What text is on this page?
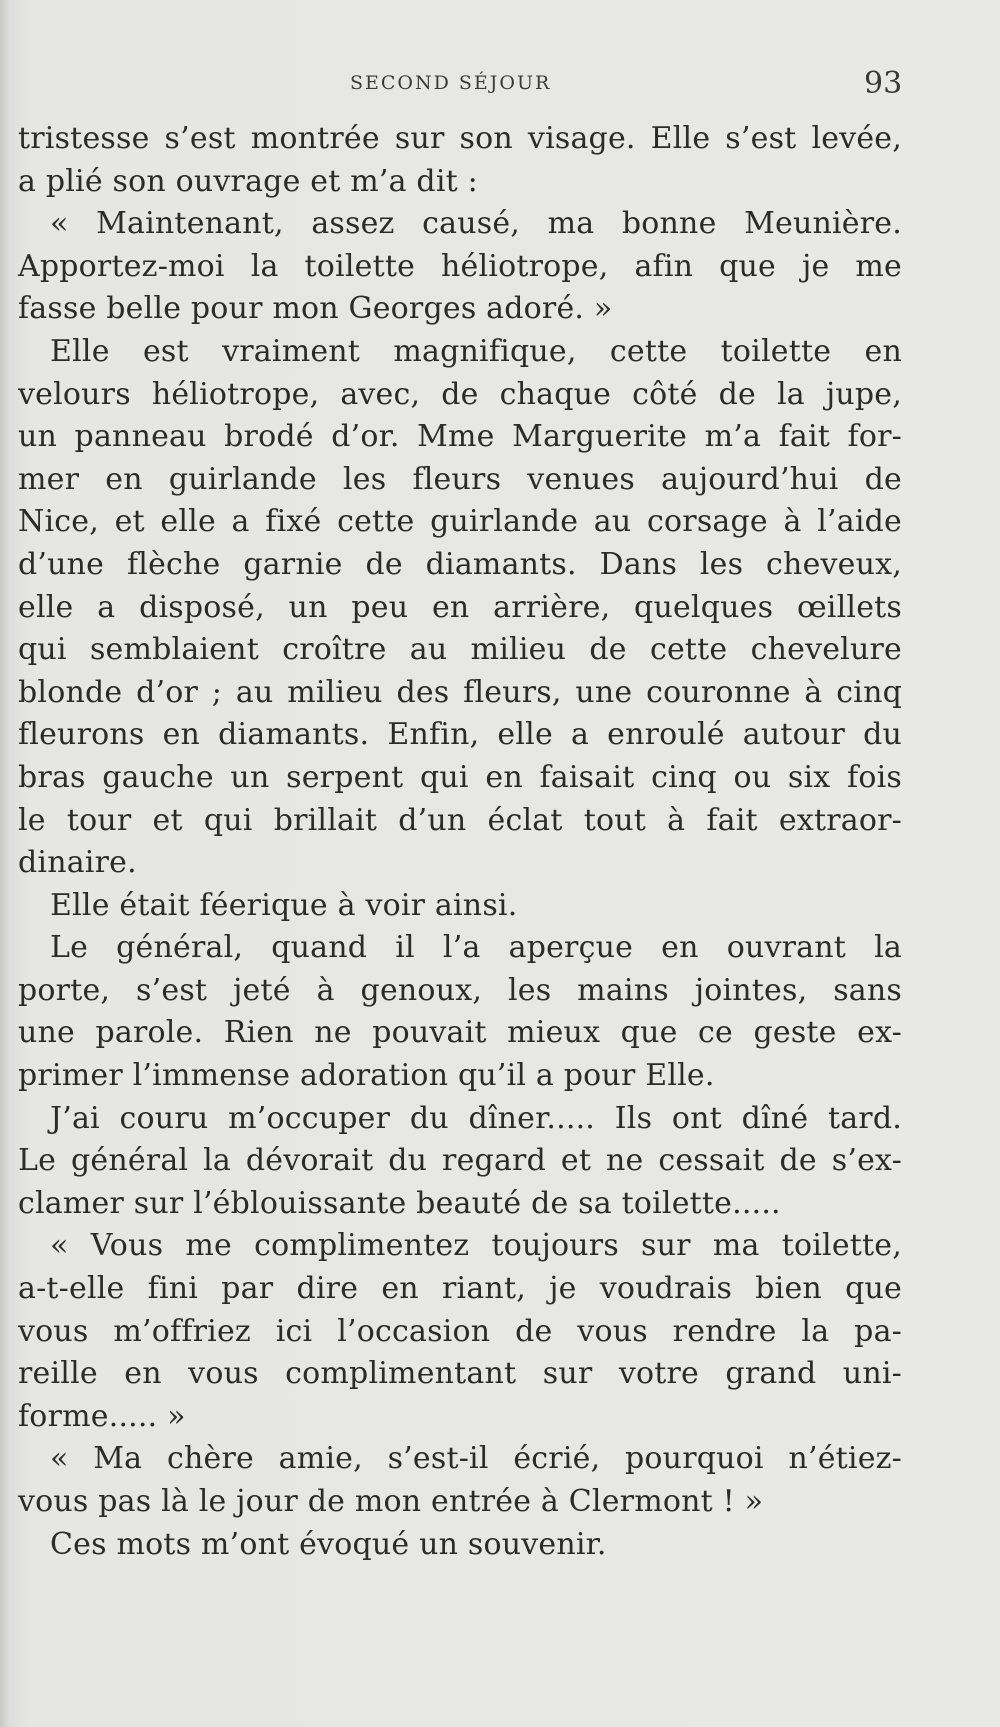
SECOND SÉJOUR	93
tristesse s’est montrée sur son visage. Elle s’est levée,
a plié son ouvrage et m’a dit :
« Maintenant, assez causé, ma bonne Meunière.
Apportez-moi la toilette héliotrope, afin que je me
fasse belle pour mon Georges adoré. »
Elle est vraiment magnifique, cette toilette en
velours héliotrope, avec, de chaque côté de la jupe,
un panneau brodé d’or. Mme Marguerite m’a fait for-
mer en guirlande les fleurs venues aujourd’hui de
Nice, et elle a fixé cette guirlande au corsage à l’aide
d’une flèche garnie de diamants. Dans les cheveux,
elle a disposé, un peu en arrière, quelques œillets
qui semblaient croître au milieu de cette chevelure
blonde d’or ; au milieu des fleurs, une couronne à cinq
fleurons en diamants. Enfin, elle a enroulé autour du
bras gauche un serpent qui en faisait cinq ou six fois
le tour et qui brillait d’un éclat tout à fait extraor-
dinaire.
Elle était féerique à voir ainsi.
Le général, quand il l’a aperçue en ouvrant la
porte, s’est jeté à genoux, les mains jointes, sans
une parole. Rien ne pouvait mieux que ce geste ex-
primer l’immense adoration qu’il a pour Elle.
J’ai couru m’occuper du dîner..... Ils ont dîné tard.
Le général la dévorait du regard et ne cessait de s’ex-
clamer sur l’éblouissante beauté de sa toilette.....
« Vous me complimentez toujours sur ma toilette,
a-t-elle fini par dire en riant, je voudrais bien que
vous m’offriez ici l’occasion de vous rendre la pa-
reille en vous complimentant sur votre grand uni-
forme..... »
« Ma chère amie, s’est-il écrié, pourquoi n’étiez-
vous pas là le jour de mon entrée à Clermont ! »
Ces mots m’ont évoqué un souvenir.
